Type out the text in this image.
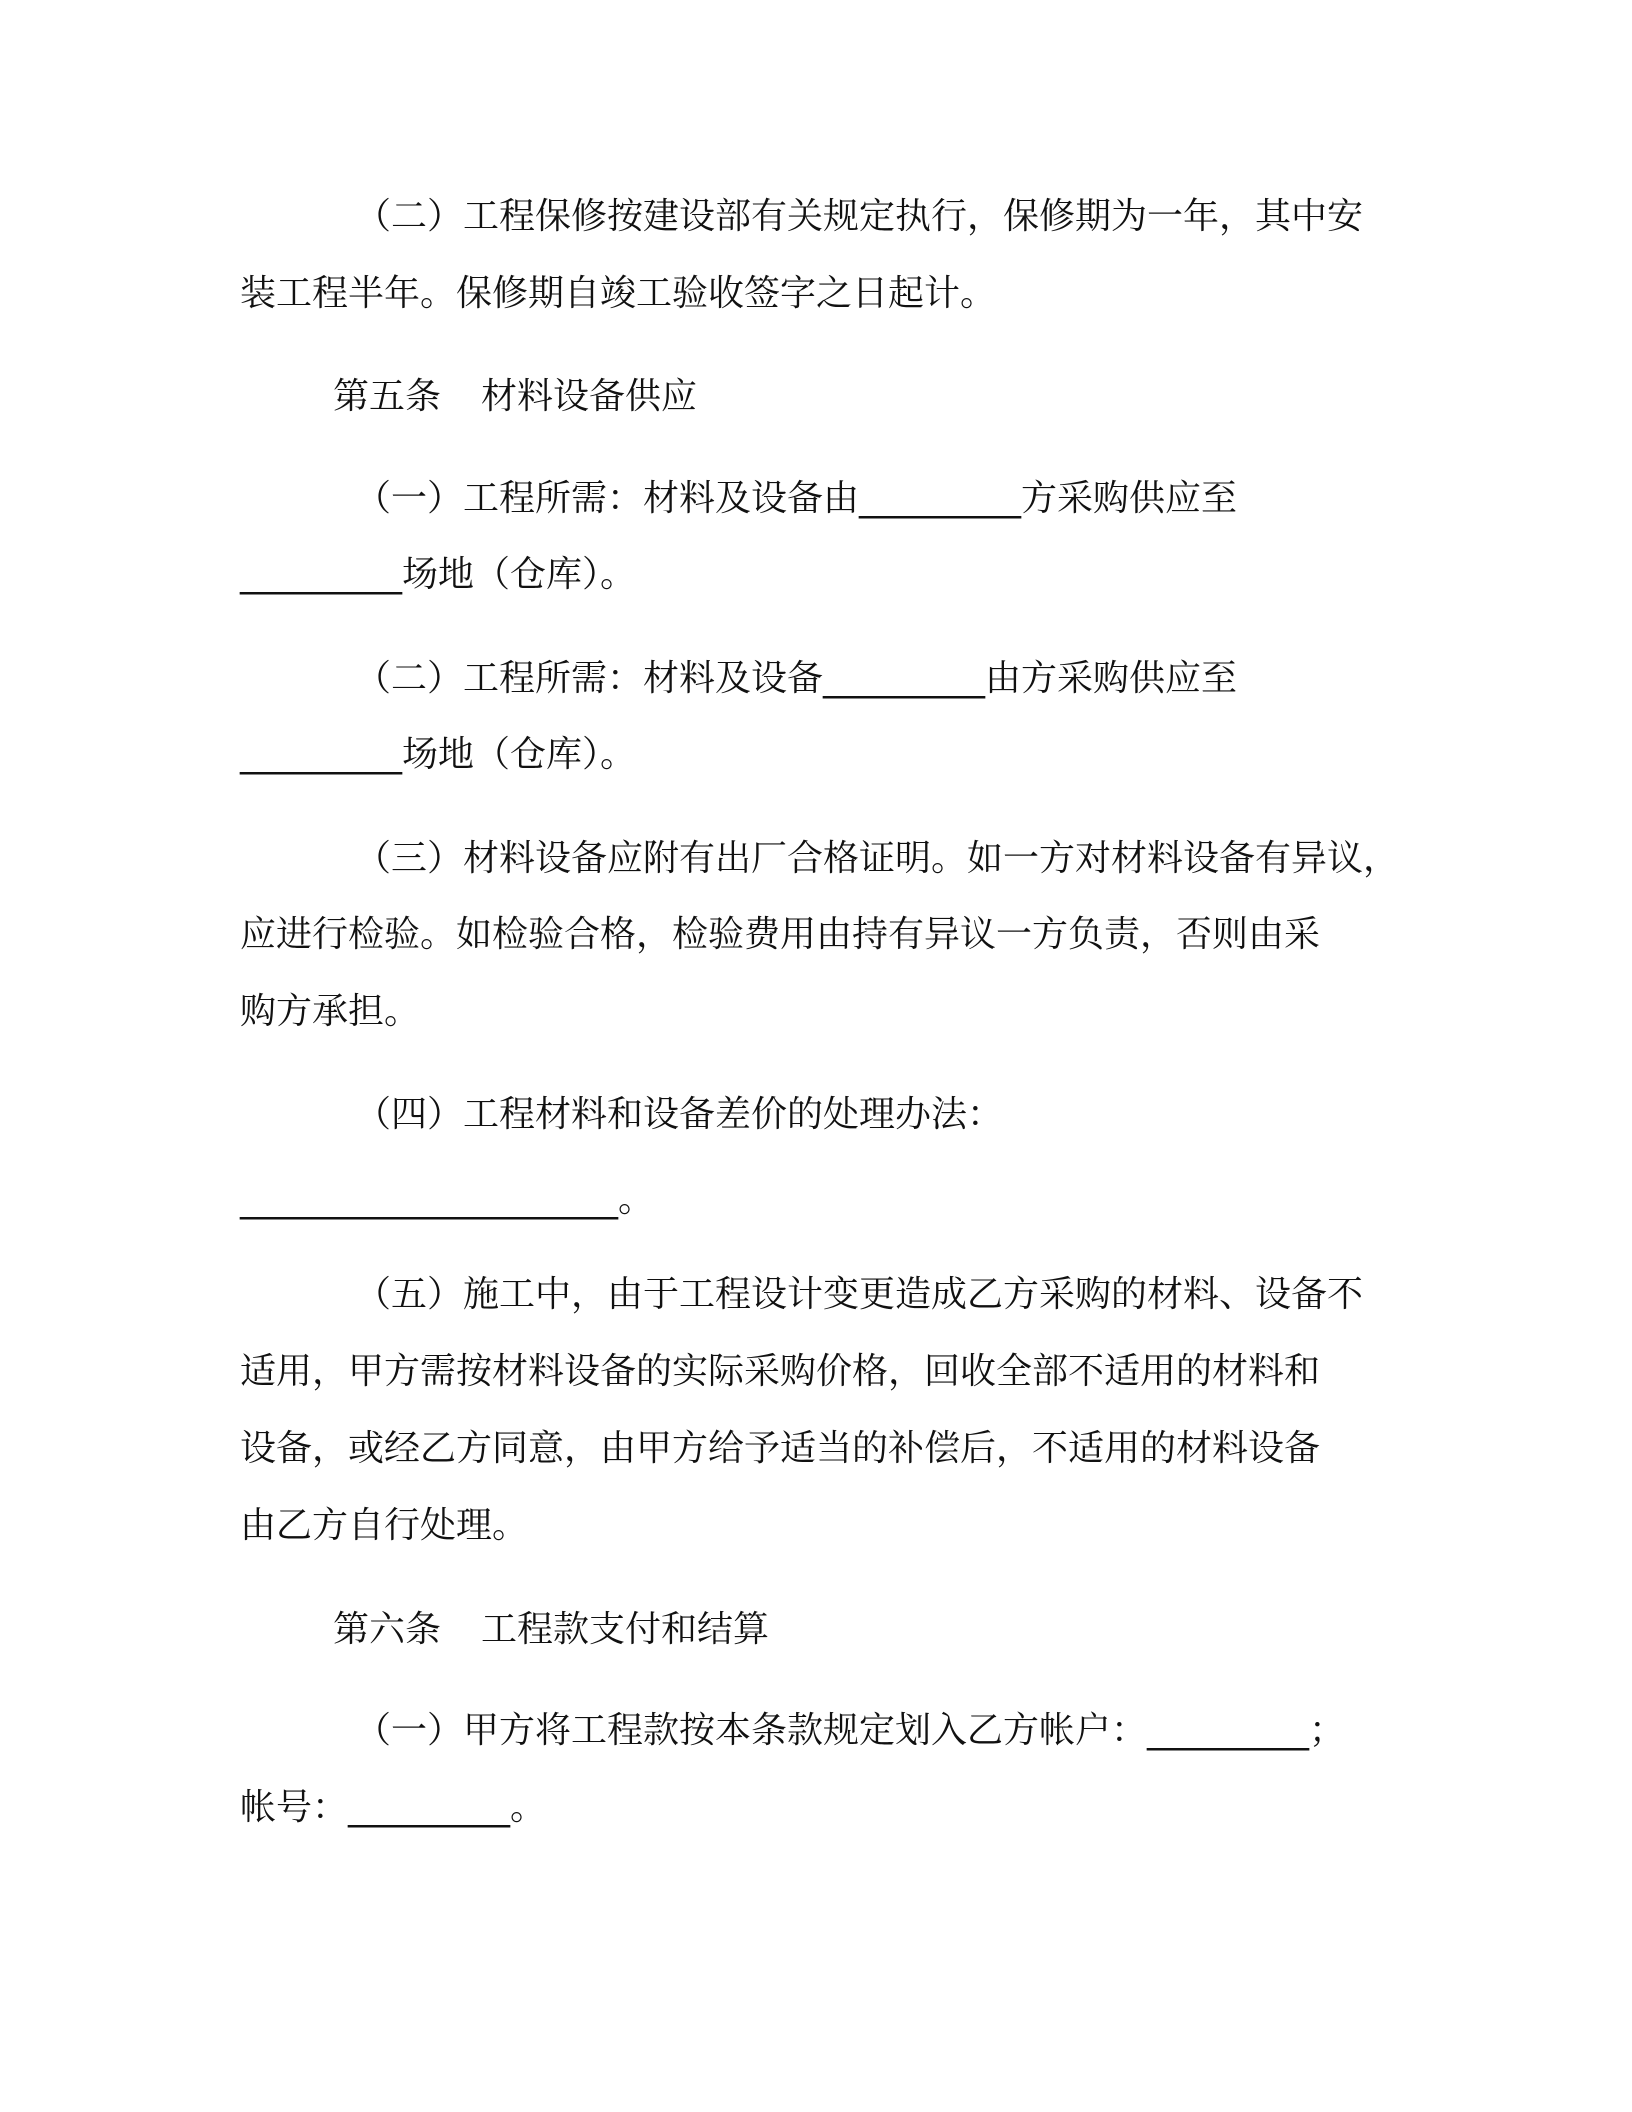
（二）工程保修按建设部有关规定执行，保修期为一年，其中安

装工程半年。保修期自竣工验收签字之日起计。

第五条 材料设备供应

（一）工程所需：材料及设备由_________方采购供应至

_________场地（仓库）。

（二）工程所需：材料及设备_________由方采购供应至

_________场地（仓库）。

（三）材料设备应附有出厂合格证明。如一方对材料设备有异议，

应进行检验。如检验合格，检验费用由持有异议一方负责，否则由采

购方承担。

（四）工程材料和设备差价的处理办法：

_____________________。

（五）施工中，由于工程设计变更造成乙方采购的材料、设备不

适用，甲方需按材料设备的实际采购价格，回收全部不适用的材料和

设备，或经乙方同意，由甲方给予适当的补偿后，不适用的材料设备

由乙方自行处理。

第六条 工程款支付和结算

（一）甲方将工程款按本条款规定划入乙方帐户：_________；

帐号：_________。
